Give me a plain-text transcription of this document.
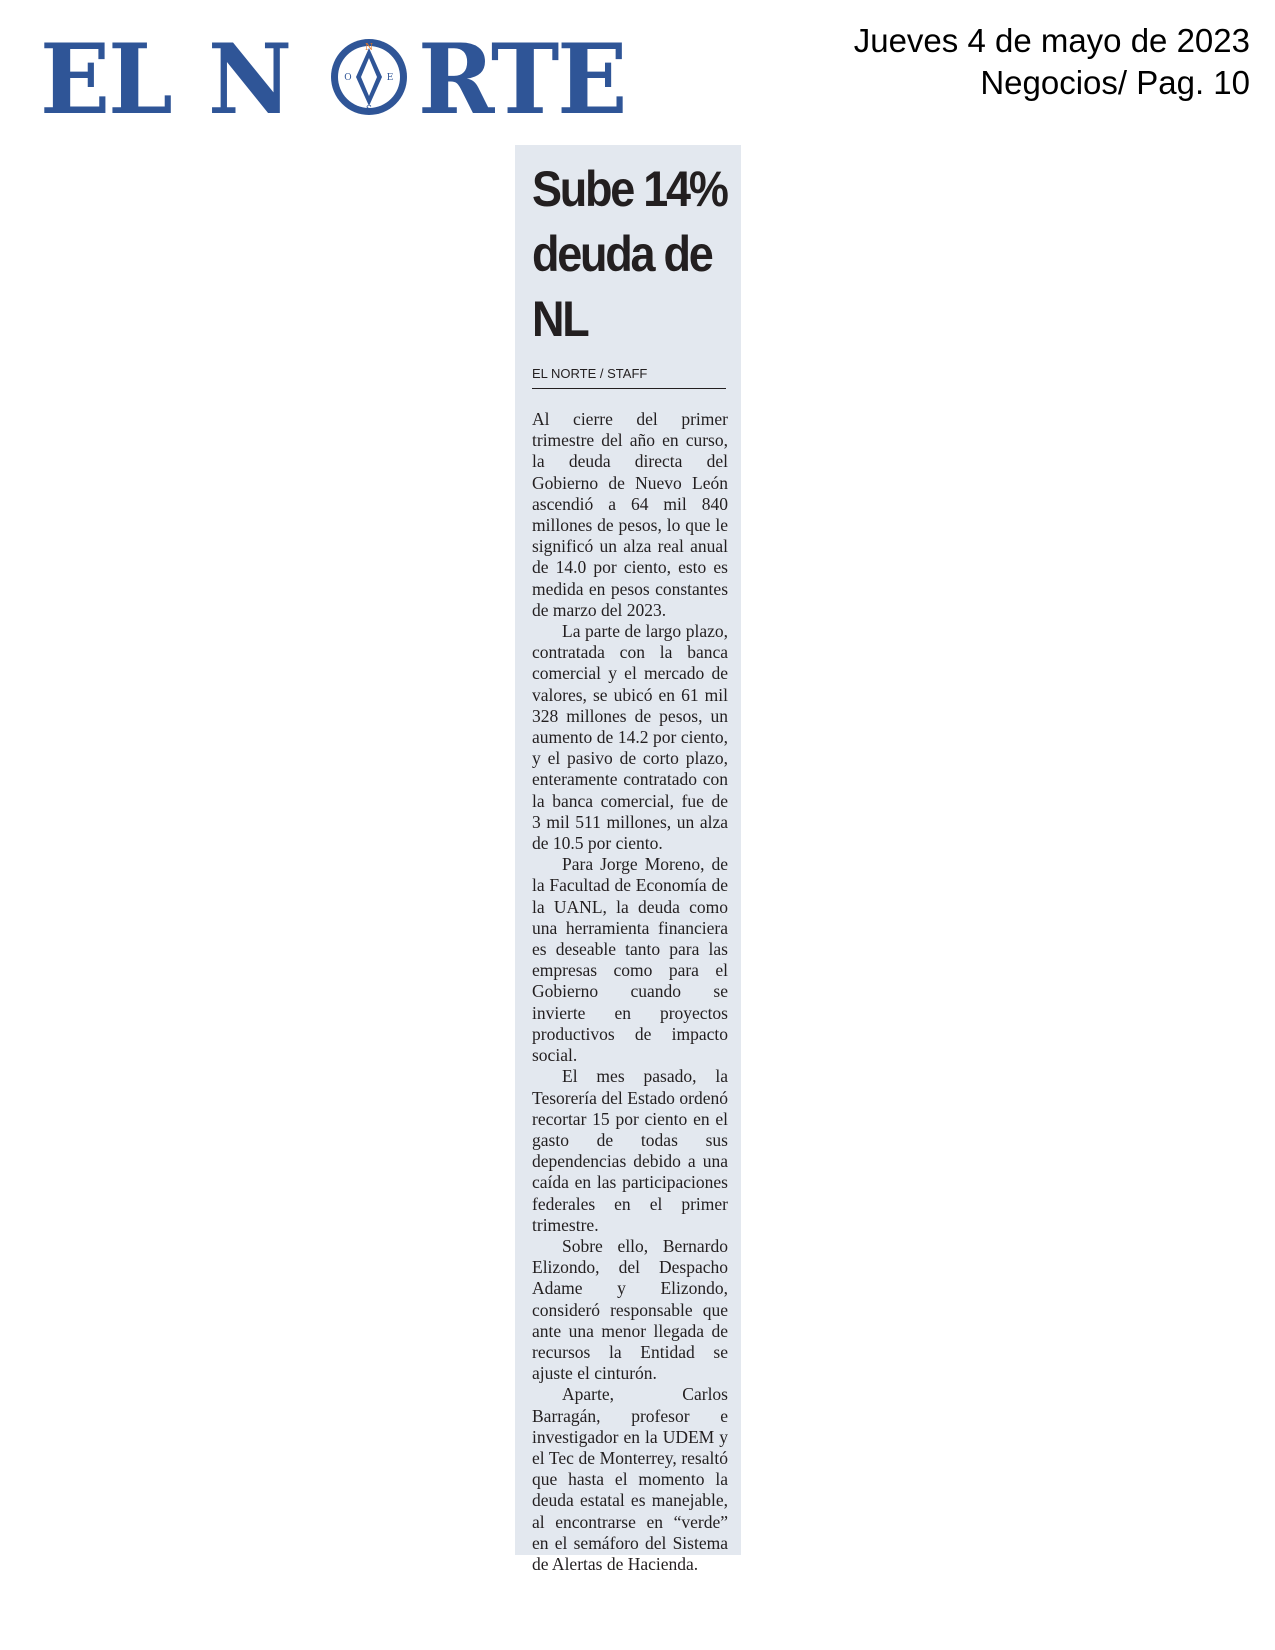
EL N	N
S
E
O RTE	Jueves 4 de mayo de 2023
Negocios/ Pag. 10
Sube 14% deuda de NL
EL NORTE / STAFF

Al cierre del primer trimestre del año en curso, la deuda directa del Gobierno de Nuevo León ascendió a 64 mil 840 millones de pesos, lo que le significó un alza real anual de 14.0 por ciento, esto es medida en pesos constantes de marzo del 2023.

La parte de largo plazo, contratada con la banca comercial y el mercado de valores, se ubicó en 61 mil 328 millones de pesos, un aumento de 14.2 por ciento, y el pasivo de corto plazo, enteramente contratado con la banca comercial, fue de 3 mil 511 millones, un alza de 10.5 por ciento.

Para Jorge Moreno, de la Facultad de Economía de la UANL, la deuda como una herramienta financiera es deseable tanto para las empresas como para el Gobierno cuando se invierte en proyectos productivos de impacto social.

El mes pasado, la Tesorería del Estado ordenó recortar 15 por ciento en el gasto de todas sus dependencias debido a una caída en las participaciones federales en el primer trimestre.

Sobre ello, Bernardo Elizondo, del Despacho Adame y Elizondo, consideró responsable que ante una menor llegada de recursos la Entidad se ajuste el cinturón.

Aparte, Carlos Barragán, profesor e investigador en la UDEM y el Tec de Monterrey, resaltó que hasta el momento la deuda estatal es manejable, al encontrarse en “verde” en el semáforo del Sistema de Alertas de Hacienda.
